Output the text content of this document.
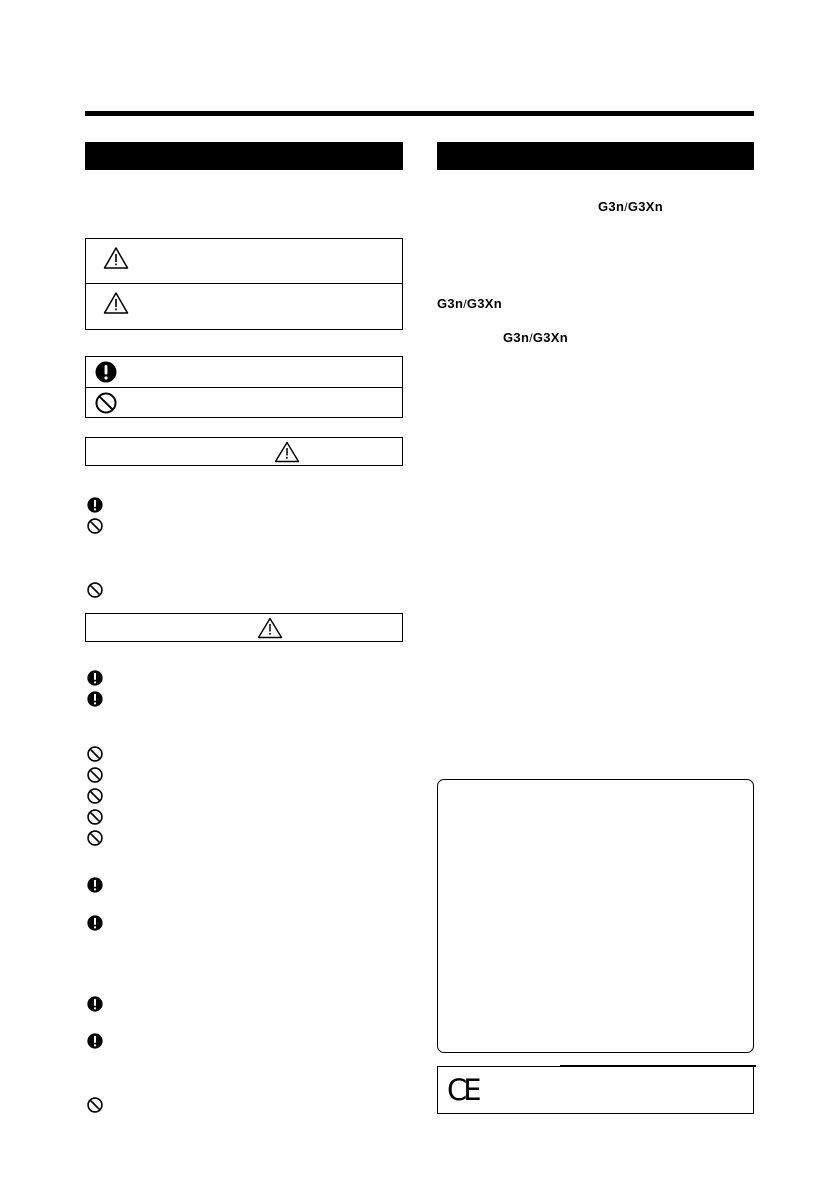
G3n/G3Xn
G3n/G3Xn
G3n/G3Xn
CE
